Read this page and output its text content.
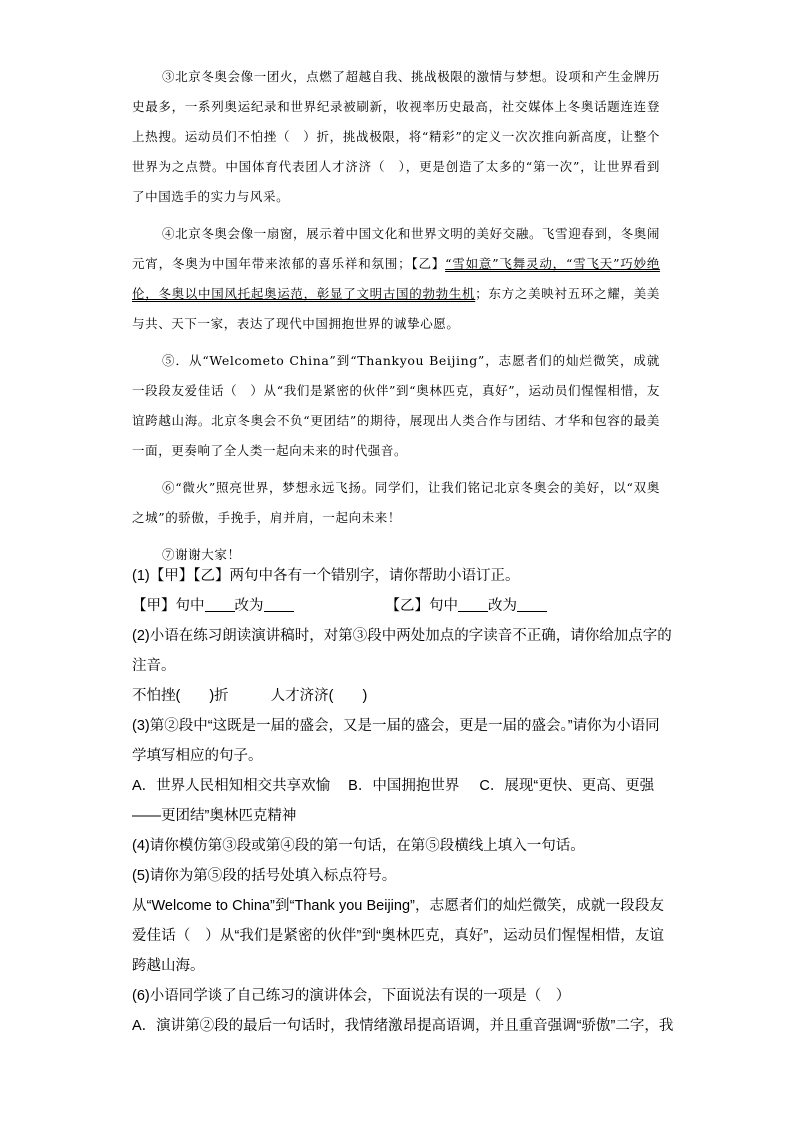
③北京冬奥会像一团火，点燃了超越自我、挑战极限的激情与梦想。设项和产生金牌历史最多，一系列奥运纪录和世界纪录被刷新，收视率历史最高，社交媒体上冬奥话题连连登上热搜。运动员们不怕挫（　）折，挑战极限，将“精彩”的定义一次次推向新高度，让整个世界为之点赞。中国体育代表团人才济济（　），更是创造了太多的“第一次”，让世界看到了中国选手的实力与风采。

④北京冬奥会像一扇窗，展示着中国文化和世界文明的美好交融。飞雪迎春到，冬奥闹元宵，冬奥为中国年带来浓郁的喜乐祥和氛围；【乙】“雪如意”飞舞灵动，“雪飞天”巧妙绝伦，冬奥以中国风托起奥运范，彰显了文明古国的勃勃生机；东方之美映衬五环之耀，美美与共、天下一家，表达了现代中国拥抱世界的诚挚心愿。

⑤．从“Welcometo China”到“Thankyou Beijing”，志愿者们的灿烂微笑，成就一段段友爱佳话（　）从“我们是紧密的伙伴”到“奥林匹克，真好”，运动员们惺惺相惜，友谊跨越山海。北京冬奥会不负“更团结”的期待，展现出人类合作与团结、才华和包容的最美一面，更奏响了全人类一起向未来的时代强音。

⑥“微火”照亮世界，梦想永远飞扬。同学们，让我们铭记北京冬奥会的美好，以“双奥之城”的骄傲，手挽手，肩并肩，一起向未来！

⑦谢谢大家！

(1)【甲】【乙】两句中各有一个错别字，请你帮助小语订正。

【甲】句中 改为	【乙】句中 改为

(2)小语在练习朗读演讲稿时，对第③段中两处加点的字读音不正确，请你给加点字的

注音。

不怕挫(　　)折	人才济济(　　)

(3)第②段中“这既是一届的盛会，又是一届的盛会，更是一届的盛会。”请你为小语同

学填写相应的句子。

A．世界人民相知相交共享欢愉 B．中国拥抱世界 C．展现“更快、更高、更强

——更团结”奥林匹克精神

(4)请你模仿第③段或第④段的第一句话，在第⑤段横线上填入一句话。

(5)请你为第⑤段的括号处填入标点符号。

从“Welcome to China”到“Thank you Beijing”，志愿者们的灿烂微笑，成就一段段友爱佳话（　）从“我们是紧密的伙伴”到“奥林匹克，真好”，运动员们惺惺相惜，友谊跨越山海。

(6)小语同学谈了自己练习的演讲体会，下面说法有误的一项是（　）

A．演讲第②段的最后一句话时，我情绪激昂提高语调，并且重音强调“骄傲”二字，我
